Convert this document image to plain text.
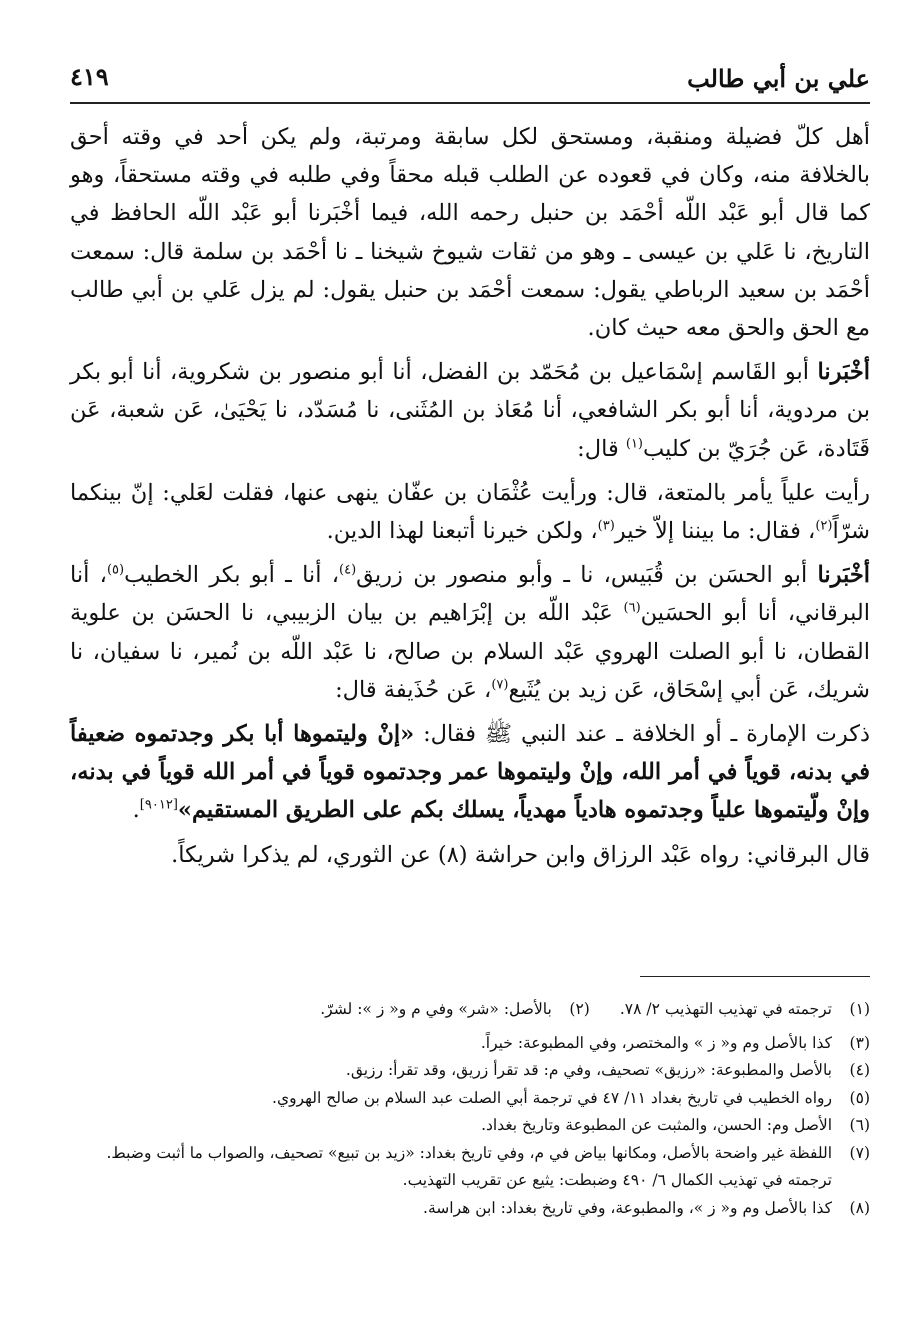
علي بن أبي طالب
٤١٩

أهل كلّ فضيلة ومنقبة، ومستحق لكل سابقة ومرتبة، ولم يكن أحد في وقته أحق بالخلافة منه، وكان في قعوده عن الطلب قبله محقاً وفي طلبه في وقته مستحقاً، وهو كما قال أبو عَبْد اللّه أحْمَد بن حنبل رحمه الله، فيما أخْبَرنا أبو عَبْد اللّه الحافظ في التاريخ، نا عَلي بن عيسى ـ وهو من ثقات شيوخ شيخنا ـ نا أحْمَد بن سلمة قال: سمعت أحْمَد بن سعيد الرباطي يقول: سمعت أحْمَد بن حنبل يقول: لم يزل عَلي بن أبي طالب مع الحق والحق معه حيث كان.

أخْبَرنا أبو القَاسم إسْمَاعيل بن مُحَمّد بن الفضل، أنا أبو منصور بن شكروية، أنا أبو بكر بن مردوية، أنا أبو بكر الشافعي، أنا مُعَاذ بن المُثَنى، نا مُسَدّد، نا يَحْيَىٰ، عَن شعبة، عَن قَتَادة، عَن جُرَيّ بن كليب$^{(١)}$ قال:

رأيت علياً يأمر بالمتعة، قال: ورأيت عُثْمَان بن عفّان ينهى عنها، فقلت لعَلي: إنّ بينكما شرّاً$^{(٢)}$، فقال: ما بيننا إلاّ خير$^{(٣)}$، ولكن خيرنا أتبعنا لهذا الدين.

أخْبَرنا أبو الحسَن بن قُبَيس، نا ـ وأبو منصور بن زريق$^{(٤)}$، أنا ـ أبو بكر الخطيب$^{(٥)}$، أنا البرقاني، أنا أبو الحسَين$^{(٦)}$ عَبْد اللّه بن إبْرَاهيم بن بيان الزبيبي، نا الحسَن بن علوية القطان، نا أبو الصلت الهروي عَبْد السلام بن صالح، نا عَبْد اللّه بن نُمير، نا سفيان، نا شريك، عَن أبي إسْحَاق، عَن زيد بن يُثَيع$^{(٧)}$، عَن حُذَيفة قال:

ذكرت الإمارة ـ أو الخلافة ـ عند النبي ﷺ فقال: «إنْ وليتموها أبا بكر وجدتموه ضعيفاً في بدنه، قوياً في أمر الله، وإنْ وليتموها عمر وجدتموه قوياً في أمر الله قوياً في بدنه، وإنْ ولّيتموها علياً وجدتموه هادياً مهدياً، يسلك بكم على الطريق المستقيم»[٩٠١٢].

قال البرقاني: رواه عَبْد الرزاق وابن حراشة (٨) عن الثوري، لم يذكرا شريكاً.

(١)
ترجمته في تهذيب التهذيب ٢/ ٧٨.
(٢)
بالأصل: «شر» وفي م و« ز »: لشرّ.
(٣)
كذا بالأصل وم و« ز » والمختصر، وفي المطبوعة: خيراً.
(٤)
بالأصل والمطبوعة: «رزيق» تصحيف، وفي م: قد تقرأ زريق، وقد تقرأ: رزيق.
(٥)
رواه الخطيب في تاريخ بغداد ١١/ ٤٧ في ترجمة أبي الصلت عبد السلام بن صالح الهروي.
(٦)
الأصل وم: الحسن، والمثبت عن المطبوعة وتاريخ بغداد.
(٧)
اللفظة غير واضحة بالأصل، ومكانها بياض في م، وفي تاريخ بغداد: «زيد بن تبيع» تصحيف، والصواب ما أثبت وضبط.
ترجمته في تهذيب الكمال ٦/ ٤٩٠ وضبطت: يثيع عن تقريب التهذيب.
(٨)
كذا بالأصل وم و« ز »، والمطبوعة، وفي تاريخ بغداد: ابن هراسة.
